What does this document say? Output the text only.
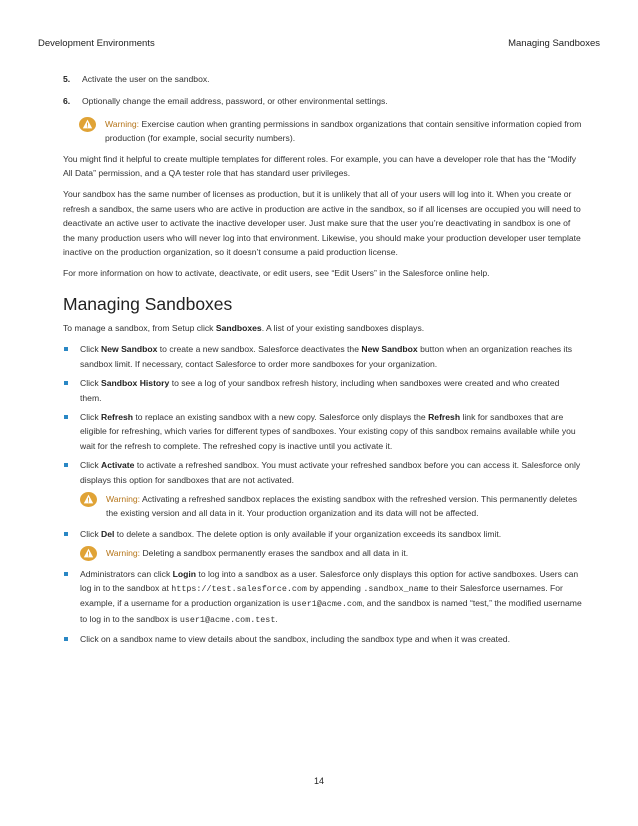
Development Environments	Managing Sandboxes
5. Activate the user on the sandbox.
6. Optionally change the email address, password, or other environmental settings.
Warning: Exercise caution when granting permissions in sandbox organizations that contain sensitive information copied from production (for example, social security numbers).

You might find it helpful to create multiple templates for different roles. For example, you can have a developer role that has the “Modify All Data” permission, and a QA tester role that has standard user privileges.

Your sandbox has the same number of licenses as production, but it is unlikely that all of your users will log into it. When you create or refresh a sandbox, the same users who are active in production are active in the sandbox, so if all licenses are occupied you will need to deactivate an active user to activate the inactive developer user. Just make sure that the user you’re deactivating in sandbox is one of the many production users who will never log into that environment. Likewise, you should make your production developer user template inactive on the production organization, so it doesn’t consume a paid production license.

For more information on how to activate, deactivate, or edit users, see “Edit Users” in the Salesforce online help.

Managing Sandboxes

To manage a sandbox, from Setup click Sandboxes. A list of your existing sandboxes displays.

Click New Sandbox to create a new sandbox. Salesforce deactivates the New Sandbox button when an organization reaches its sandbox limit. If necessary, contact Salesforce to order more sandboxes for your organization.
Click Sandbox History to see a log of your sandbox refresh history, including when sandboxes were created and who created them.
Click Refresh to replace an existing sandbox with a new copy. Salesforce only displays the Refresh link for sandboxes that are eligible for refreshing, which varies for different types of sandboxes. Your existing copy of this sandbox remains available while you wait for the refresh to complete. The refreshed copy is inactive until you activate it.
Click Activate to activate a refreshed sandbox. You must activate your refreshed sandbox before you can access it. Salesforce only displays this option for sandboxes that are not activated.
Warning: Activating a refreshed sandbox replaces the existing sandbox with the refreshed version. This permanently deletes the existing version and all data in it. Your production organization and its data will not be affected.
Click Del to delete a sandbox. The delete option is only available if your organization exceeds its sandbox limit.
Warning: Deleting a sandbox permanently erases the sandbox and all data in it.
Administrators can click Login to log into a sandbox as a user. Salesforce only displays this option for active sandboxes. Users can log in to the sandbox at https://test.salesforce.com by appending .sandbox_name to their Salesforce usernames. For example, if a username for a production organization is user1@acme.com, and the sandbox is named “test,” the modified username to log in to the sandbox is user1@acme.com.test.
Click on a sandbox name to view details about the sandbox, including the sandbox type and when it was created.
14
